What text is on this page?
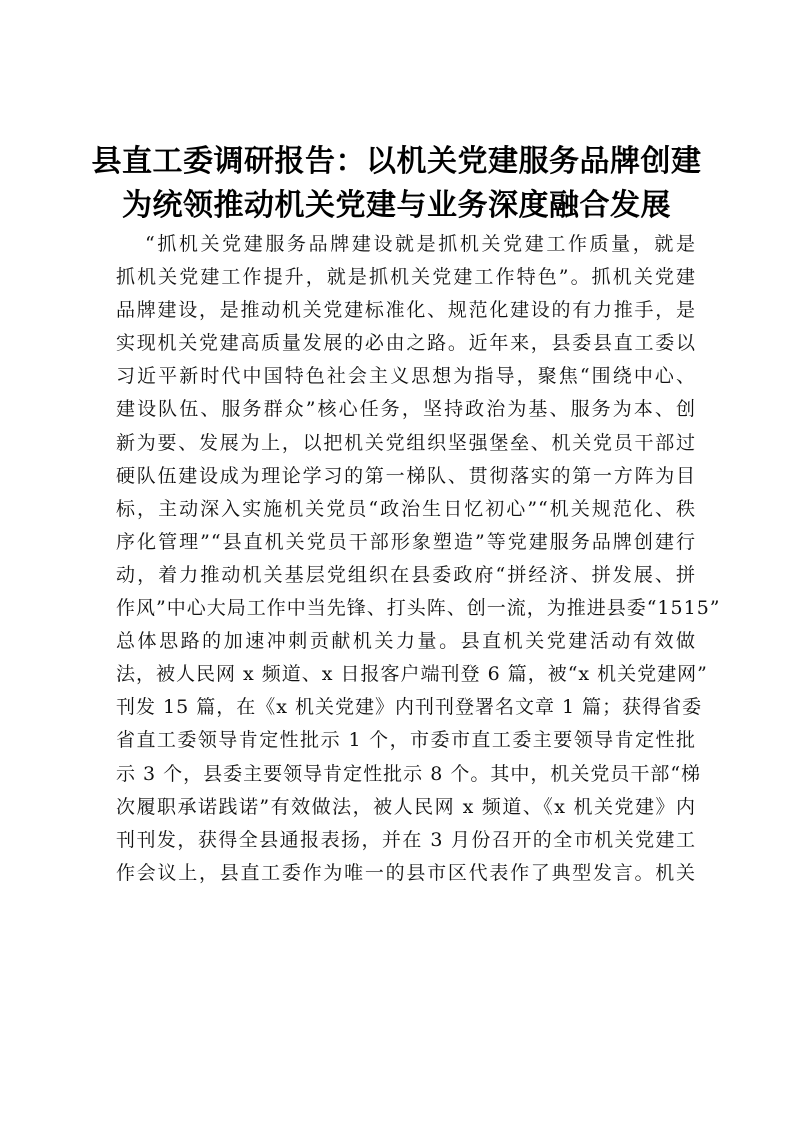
县直工委调研报告：以机关党建服务品牌创建
为统领推动机关党建与业务深度融合发展
“抓机关党建服务品牌建设就是抓机关党建工作质量，就是
抓机关党建工作提升，就是抓机关党建工作特色”。抓机关党建
品牌建设，是推动机关党建标准化、规范化建设的有力推手，是
实现机关党建高质量发展的必由之路。近年来，县委县直工委以
习近平新时代中国特色社会主义思想为指导，聚焦“围绕中心、
建设队伍、服务群众”核心任务，坚持政治为基、服务为本、创
新为要、发展为上，以把机关党组织坚强堡垒、机关党员干部过
硬队伍建设成为理论学习的第一梯队、贯彻落实的第一方阵为目
标，主动深入实施机关党员“政治生日忆初心”“机关规范化、秩
序化管理”“县直机关党员干部形象塑造”等党建服务品牌创建行
动，着力推动机关基层党组织在县委政府“拼经济、拼发展、拼
作风”中心大局工作中当先锋、打头阵、创一流，为推进县委“1515”
总体思路的加速冲刺贡献机关力量。县直机关党建活动有效做
法，被人民网 x 频道、x 日报客户端刊登 6 篇，被“x 机关党建网”
刊发 15 篇，在《x 机关党建》内刊刊登署名文章 1 篇；获得省委
省直工委领导肯定性批示 1 个，市委市直工委主要领导肯定性批
示 3 个，县委主要领导肯定性批示 8 个。其中，机关党员干部“梯
次履职承诺践诺”有效做法，被人民网 x 频道、《x 机关党建》内
刊刊发，获得全县通报表扬，并在 3 月份召开的全市机关党建工
作会议上，县直工委作为唯一的县市区代表作了典型发言。机关
